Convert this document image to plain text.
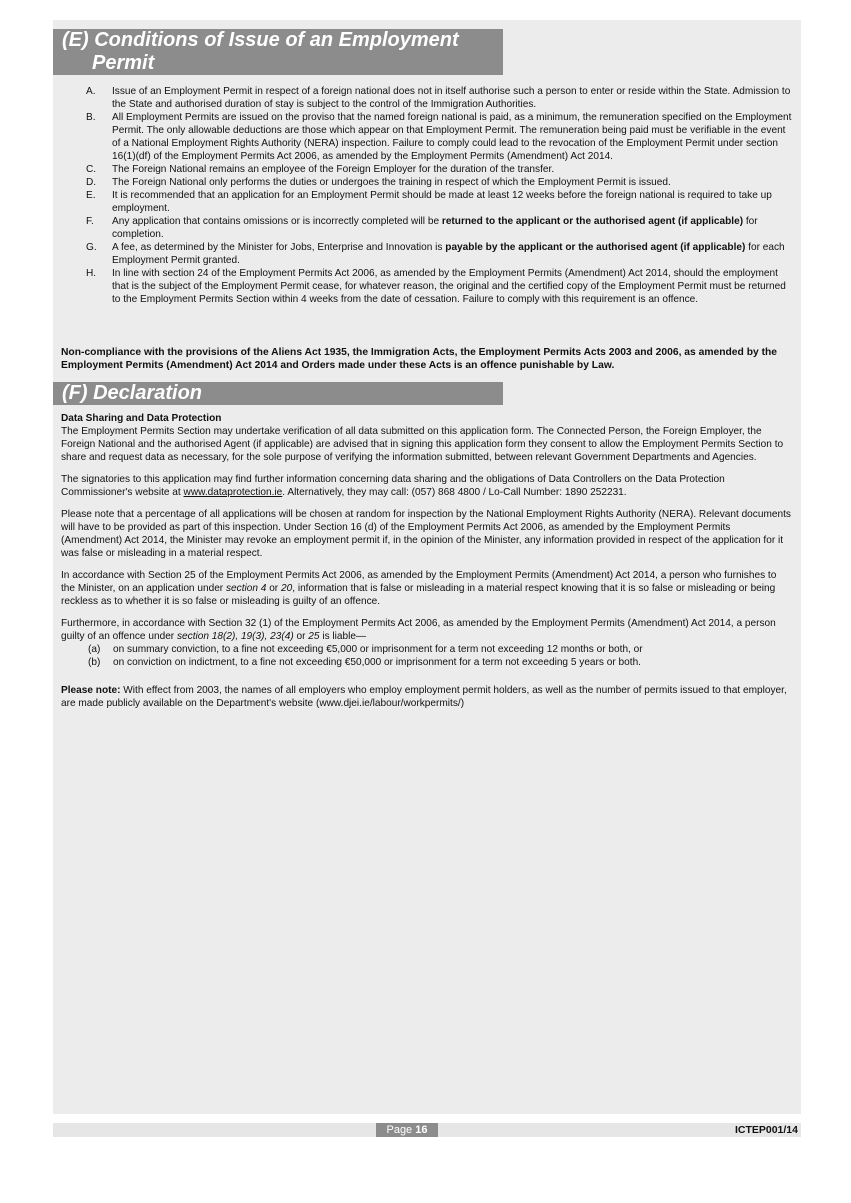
(E) Conditions of Issue of an Employment
Permit
A.	Issue of an Employment Permit in respect of a foreign national does not in itself authorise such a person to enter or reside within the State. Admission to the State and authorised duration of stay is subject to the control of the Immigration Authorities.
B.	All Employment Permits are issued on the proviso that the named foreign national is paid, as a minimum, the remuneration specified on the Employment Permit. The only allowable deductions are those which appear on that Employment Permit. The remuneration being paid must be verifiable in the event of a National Employment Rights Authority (NERA) inspection. Failure to comply could lead to the revocation of the Employment Permit under section 16(1)(df) of the Employment Permits Act 2006, as amended by the Employment Permits (Amendment) Act 2014.
C.	The Foreign National remains an employee of the Foreign Employer for the duration of the transfer.
D.	The Foreign National only performs the duties or undergoes the training in respect of which the Employment Permit is issued.
E.	It is recommended that an application for an Employment Permit should be made at least 12 weeks before the foreign national is required to take up employment.
F.	Any application that contains omissions or is incorrectly completed will be returned to the applicant or the authorised agent (if applicable) for completion.
G.	A fee, as determined by the Minister for Jobs, Enterprise and Innovation is payable by the applicant or the authorised agent (if applicable) for each Employment Permit granted.
H.	In line with section 24 of the Employment Permits Act 2006, as amended by the Employment Permits (Amendment) Act 2014, should the employment that is the subject of the Employment Permit cease, for whatever reason, the original and the certified copy of the Employment Permit must be returned to the Employment Permits Section within 4 weeks from the date of cessation. Failure to comply with this requirement is an offence.
Non-compliance with the provisions of the Aliens Act 1935, the Immigration Acts, the Employment Permits Acts 2003 and 2006, as amended by the Employment Permits (Amendment) Act 2014 and Orders made under these Acts is an offence punishable by Law.
(F) Declaration
Data Sharing and Data Protection

The Employment Permits Section may undertake verification of all data submitted on this application form. The Connected Person, the Foreign Employer, the Foreign National and the authorised Agent (if applicable) are advised that in signing this application form they consent to allow the Employment Permits Section to share and request data as necessary, for the sole purpose of verifying the information submitted, between relevant Government Departments and Agencies.

The signatories to this application may find further information concerning data sharing and the obligations of Data Controllers on the Data Protection Commissioner's website at www.dataprotection.ie. Alternatively, they may call: (057) 868 4800 / Lo-Call Number: 1890 252231.

Please note that a percentage of all applications will be chosen at random for inspection by the National Employment Rights Authority (NERA). Relevant documents will have to be provided as part of this inspection. Under Section 16 (d) of the Employment Permits Act 2006, as amended by the Employment Permits (Amendment) Act 2014, the Minister may revoke an employment permit if, in the opinion of the Minister, any information provided in respect of the application for it was false or misleading in a material respect.

In accordance with Section 25 of the Employment Permits Act 2006, as amended by the Employment Permits (Amendment) Act 2014, a person who furnishes to the Minister, on an application under section 4 or 20, information that is false or misleading in a material respect knowing that it is so false or misleading or being reckless as to whether it is so false or misleading is guilty of an offence.

Furthermore, in accordance with Section 32 (1) of the Employment Permits Act 2006, as amended by the Employment Permits (Amendment) Act 2014, a person guilty of an offence under section 18(2), 19(3), 23(4) or 25 is liable—
(a)	on summary conviction, to a fine not exceeding €5,000 or imprisonment for a term not exceeding 12 months or both, or
(b)	on conviction on indictment, to a fine not exceeding €50,000 or imprisonment for a term not exceeding 5 years or both.

Please note: With effect from 2003, the names of all employers who employ employment permit holders, as well as the number of permits issued to that employer, are made publicly available on the Department's website (www.djei.ie/labour/workpermits/)

Page 16	ICTEP001/14
